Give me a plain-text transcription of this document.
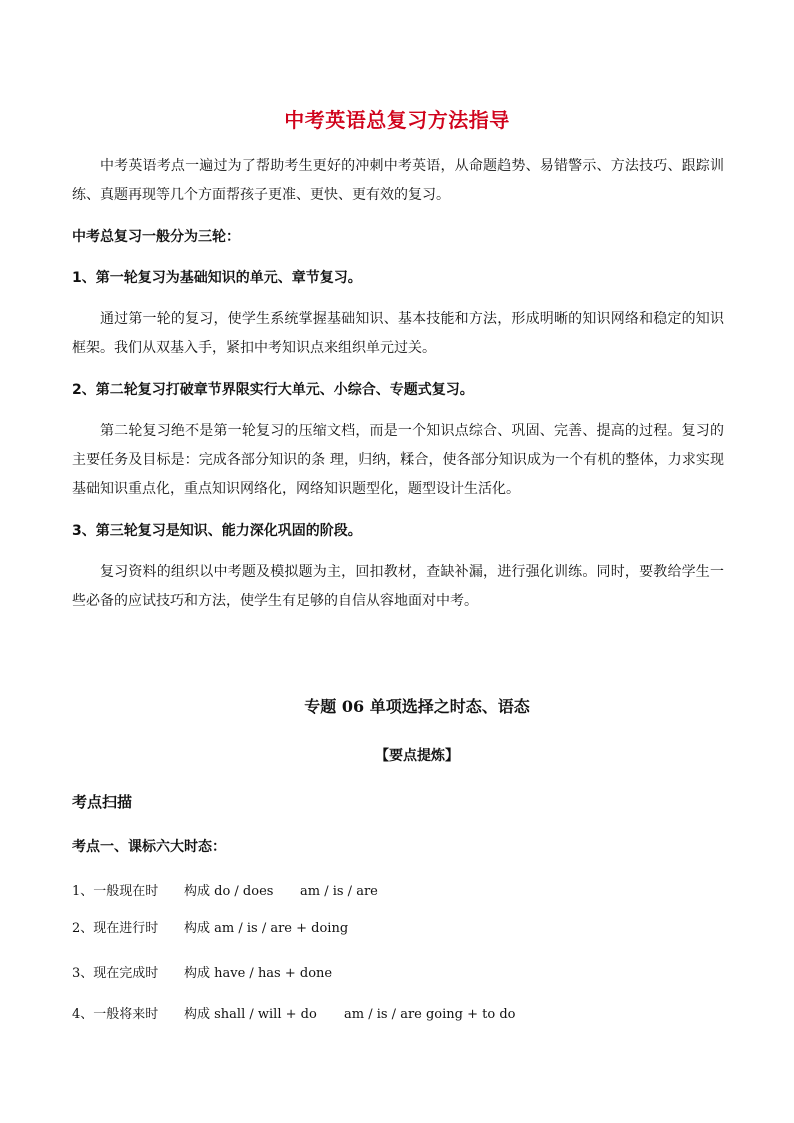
中考英语总复习方法指导
中考英语考点一遍过为了帮助考生更好的冲刺中考英语，从命题趋势、易错警示、方法技巧、跟踪训练、真题再现等几个方面帮孩子更准、更快、更有效的复习。
中考总复习一般分为三轮：
1、第一轮复习为基础知识的单元、章节复习。
通过第一轮的复习，使学生系统掌握基础知识、基本技能和方法，形成明晰的知识网络和稳定的知识框架。我们从双基入手，紧扣中考知识点来组织单元过关。
2、第二轮复习打破章节界限实行大单元、小综合、专题式复习。
第二轮复习绝不是第一轮复习的压缩文档，而是一个知识点综合、巩固、完善、提高的过程。复习的主要任务及目标是：完成各部分知识的条 理，归纳，糅合，使各部分知识成为一个有机的整体，力求实现基础知识重点化，重点知识网络化，网络知识题型化，题型设计生活化。
3、第三轮复习是知识、能力深化巩固的阶段。
复习资料的组织以中考题及模拟题为主，回扣教材，查缺补漏，进行强化训练。同时，要教给学生一些必备的应试技巧和方法，使学生有足够的自信从容地面对中考。
专题 06 单项选择之时态、语态
【要点提炼】
考点扫描
考点一、课标六大时态：
1、一般现在时 构成 do / does am / is / are
2、现在进行时 构成 am / is / are + doing
3、现在完成时 构成 have / has + done
4、一般将来时 构成 shall / will + do am / is / are going + to do
